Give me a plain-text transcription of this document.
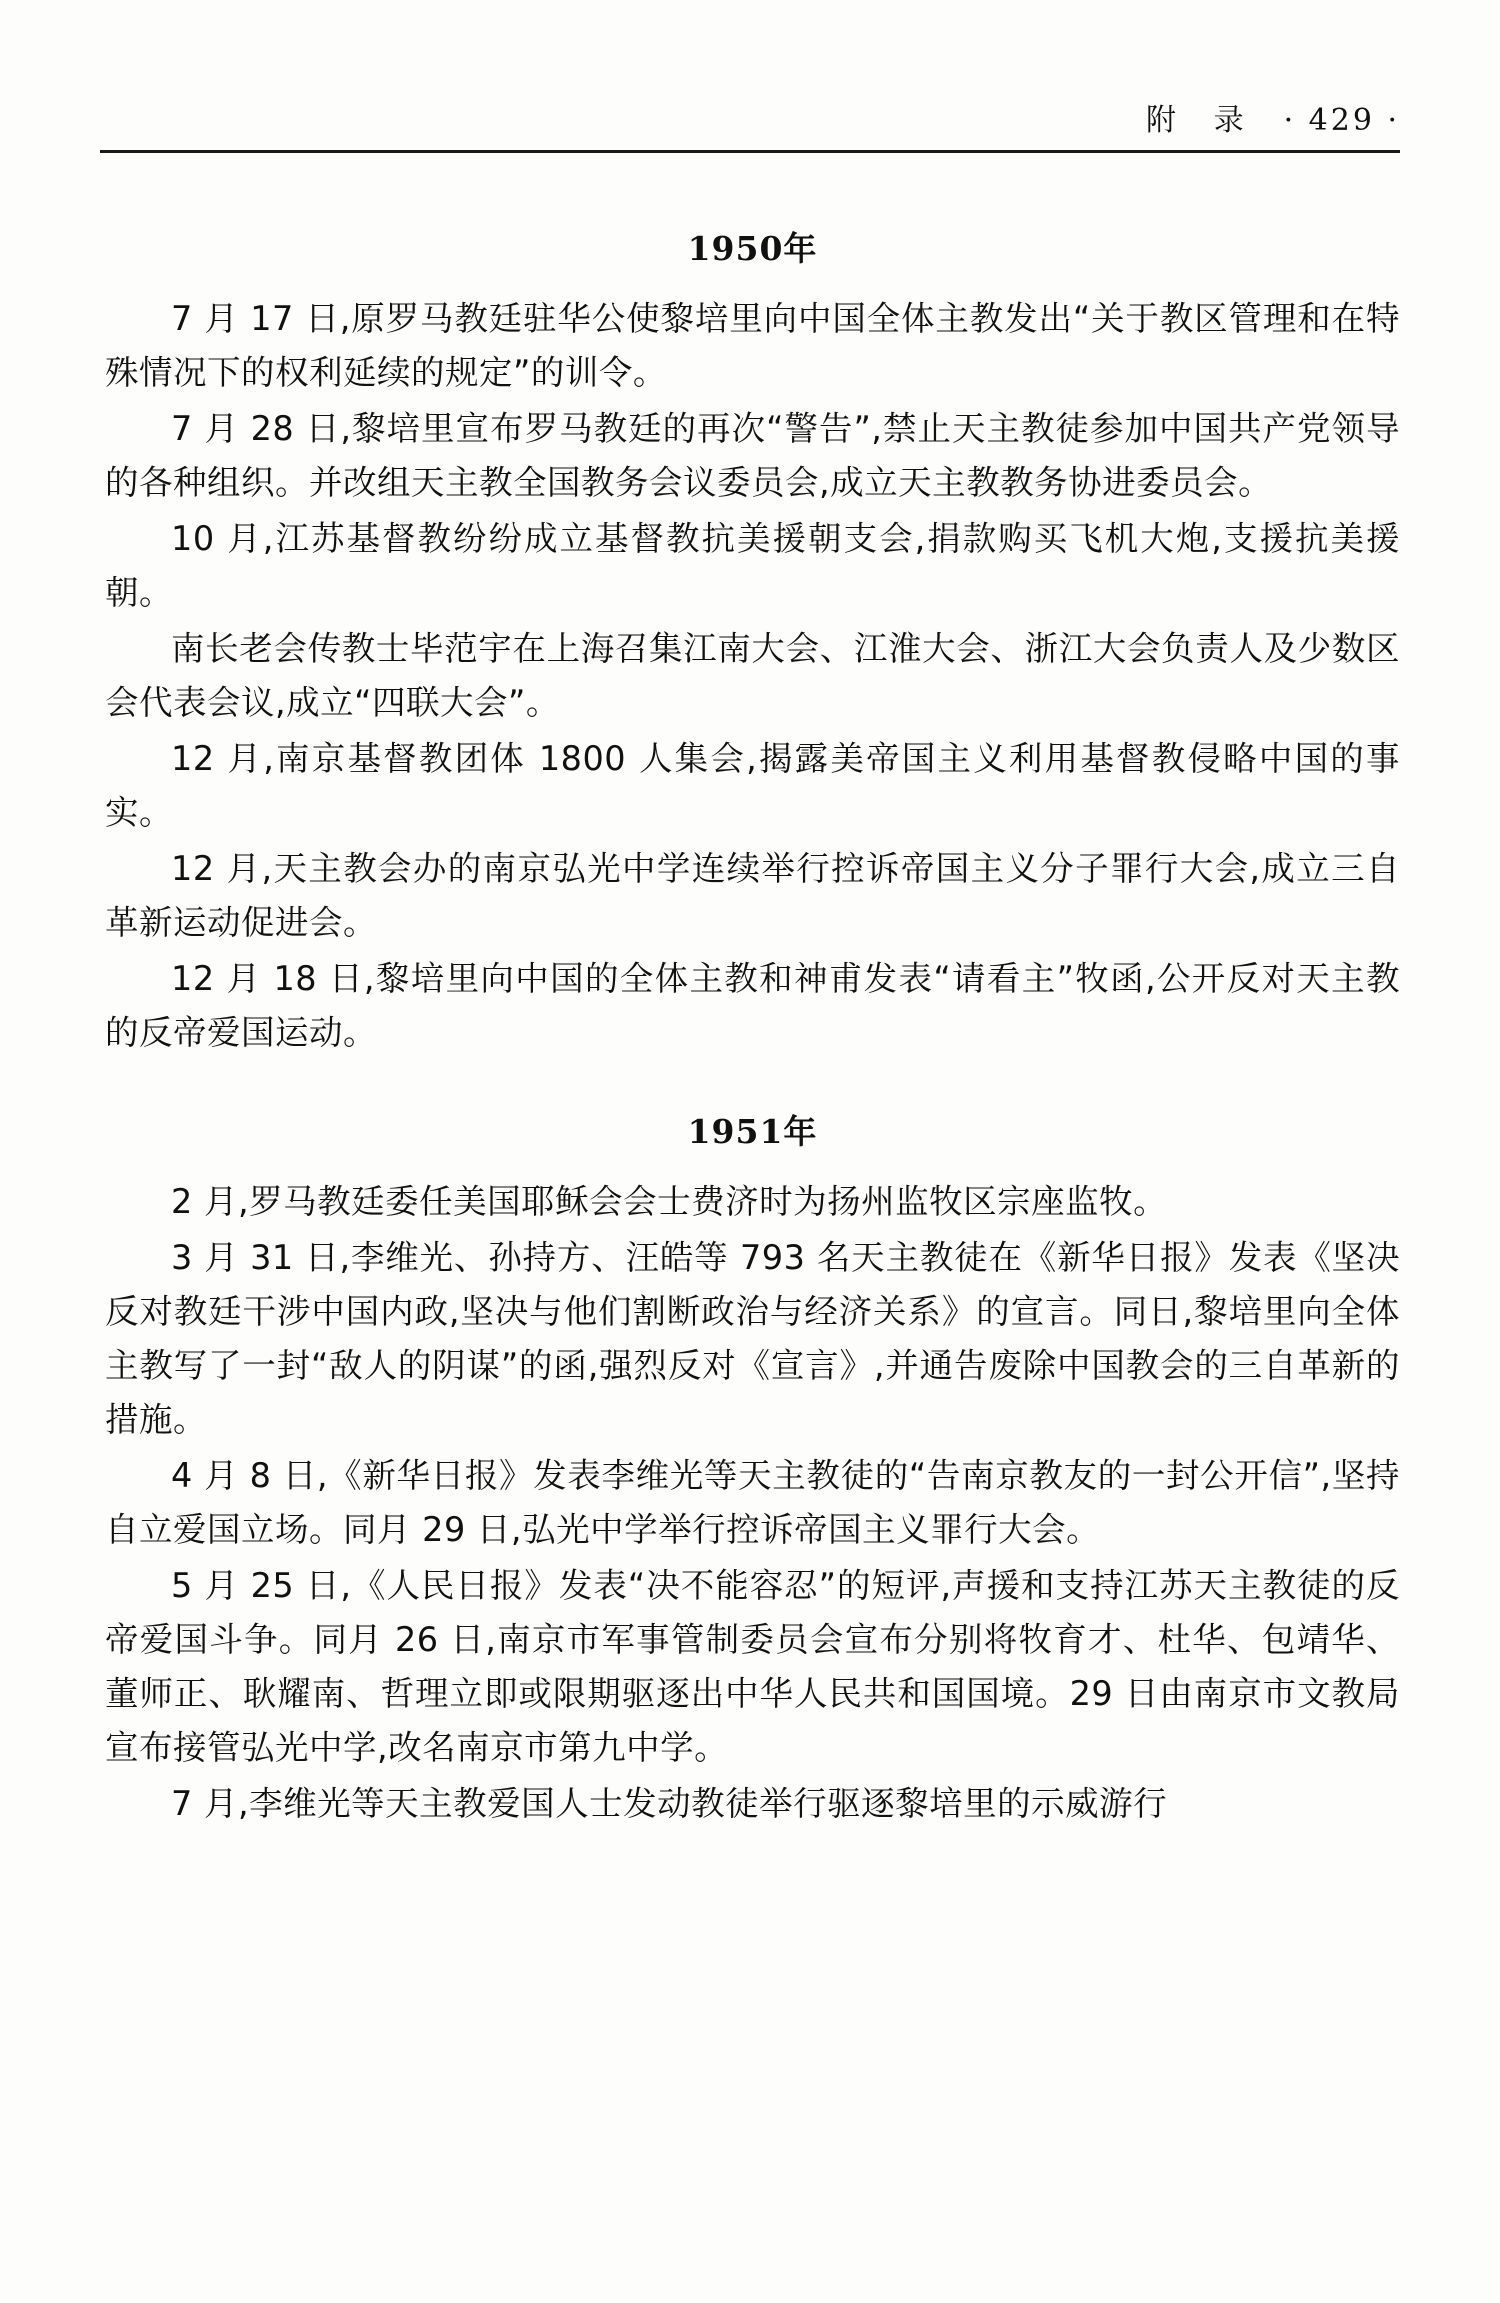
附 录 · 429 ·
1950年

7 月 17 日,原罗马教廷驻华公使黎培里向中国全体主教发出“关于教区管理和在特殊情况下的权利延续的规定”的训令。

7 月 28 日,黎培里宣布罗马教廷的再次“警告”,禁止天主教徒参加中国共产党领导的各种组织。并改组天主教全国教务会议委员会,成立天主教教务协进委员会。

10 月,江苏基督教纷纷成立基督教抗美援朝支会,捐款购买飞机大炮,支援抗美援朝。

南长老会传教士毕范宇在上海召集江南大会、江淮大会、浙江大会负责人及少数区会代表会议,成立“四联大会”。

12 月,南京基督教团体 1800 人集会,揭露美帝国主义利用基督教侵略中国的事实。

12 月,天主教会办的南京弘光中学连续举行控诉帝国主义分子罪行大会,成立三自革新运动促进会。

12 月 18 日,黎培里向中国的全体主教和神甫发表“请看主”牧函,公开反对天主教的反帝爱国运动。

1951年

2 月,罗马教廷委任美国耶稣会会士费济时为扬州监牧区宗座监牧。

3 月 31 日,李维光、孙持方、汪皓等 793 名天主教徒在《新华日报》发表《坚决反对教廷干涉中国内政,坚决与他们割断政治与经济关系》的宣言。同日,黎培里向全体主教写了一封“敌人的阴谋”的函,强烈反对《宣言》,并通告废除中国教会的三自革新的措施。

4 月 8 日,《新华日报》发表李维光等天主教徒的“告南京教友的一封公开信”,坚持自立爱国立场。同月 29 日,弘光中学举行控诉帝国主义罪行大会。

5 月 25 日,《人民日报》发表“决不能容忍”的短评,声援和支持江苏天主教徒的反帝爱国斗争。同月 26 日,南京市军事管制委员会宣布分别将牧育才、杜华、包靖华、董师正、耿耀南、哲理立即或限期驱逐出中华人民共和国国境。29 日由南京市文教局宣布接管弘光中学,改名南京市第九中学。

7 月,李维光等天主教爱国人士发动教徒举行驱逐黎培里的示威游行
